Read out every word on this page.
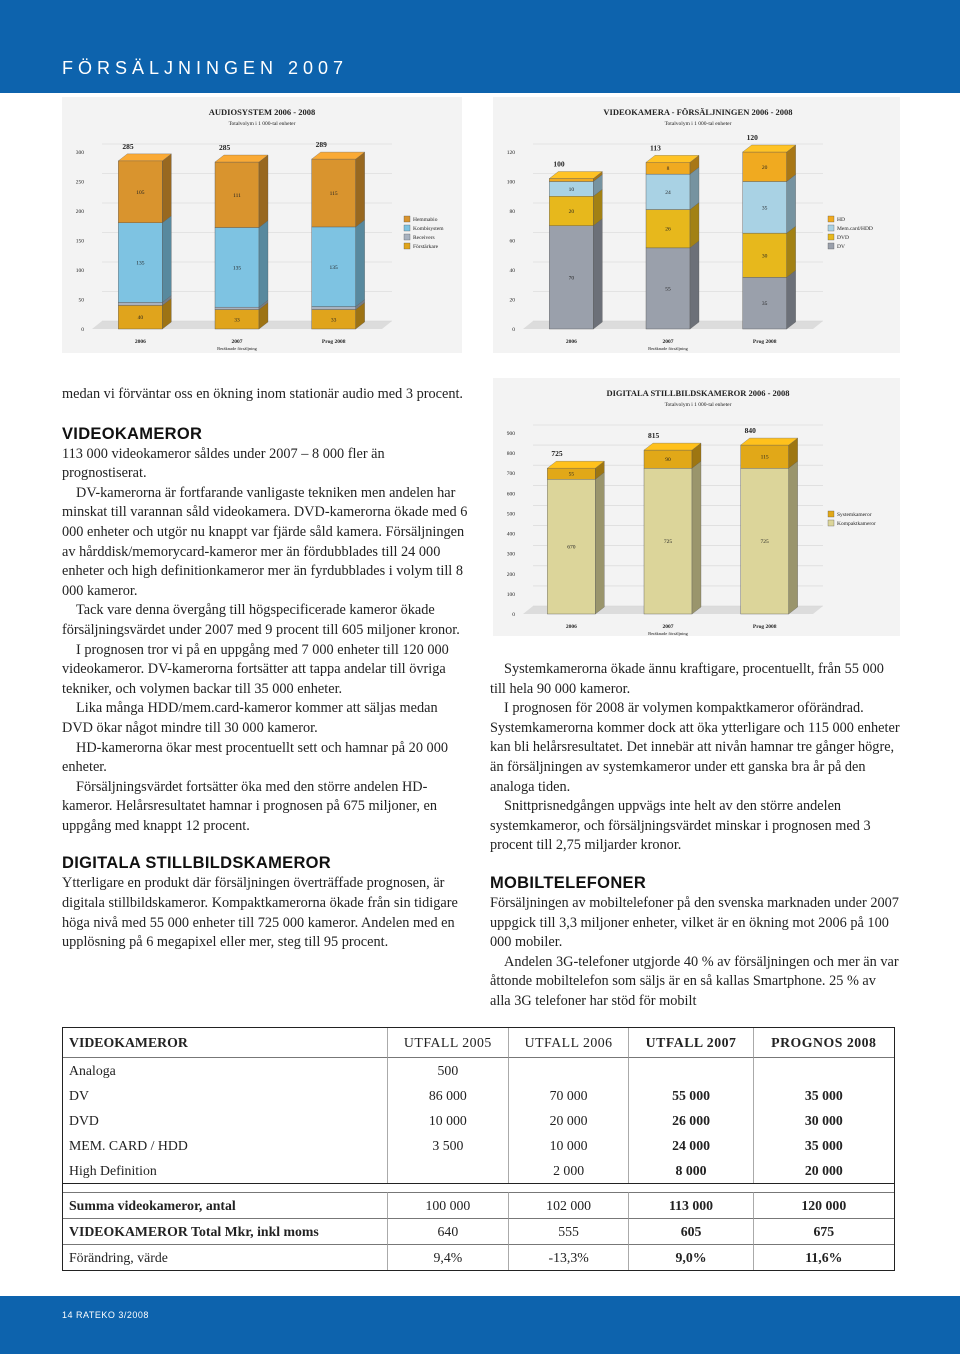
FÖRSÄLJNINGEN 2007
AUDIOSYSTEM 2006 - 2008
Totalvolym i 1 000-tal enheter
0
50
100
150
200
250
300
40
135
105
285
2006
33
135
111
285
2007
Beräknade försäljning
33
135
115
289
Prog 2008
Hemmabio
Kombisystem
Receivers
Förstärkare
VIDEOKAMERA - FÖRSÄLJNINGEN 2006 - 2008
Totalvolym i 1 000-tal enheter
0
20
40
60
80
100
120
70
20
10
100
2006
55
26
24
8
113
2007
Beräknade försäljning
35
30
35
20
120
Prog 2008
HD
Mem.card/HDD
DVD
DV
DIGITALA STILLBILDSKAMEROR 2006 - 2008
Totalvolym i 1 000-tal enheter
0
100
200
300
400
500
600
700
800
900
670
55
725
2006
725
90
815
2007
Beräknade försäljning
725
115
840
Prog 2008
Systemkameror
Kompaktkameror

medan vi förväntar oss en ökning inom stationär audio med 3 procent.

VIDEOKAMEROR

113 000 videokameror såldes under 2007 – 8 000 fler än prognostiserat.

DV-kamerorna är fortfarande vanligaste tekniken men andelen har minskat till varannan såld videokamera. DVD-kamerorna ökade med 6 000 enheter och utgör nu knappt var fjärde såld kamera. Försäljningen av hårddisk/memorycard-kameror mer än fördubblades till 24 000 enheter och high definitionkameror mer än fyrdubblades i volym till 8 000 kameror.

Tack vare denna övergång till högspecificerade kameror ökade försäljningsvärdet under 2007 med 9 procent till 605 miljoner kronor.

I prognosen tror vi på en uppgång med 7 000 enheter till 120 000 videokameror. DV-kamerorna fortsätter att tappa andelar till övriga tekniker, och volymen backar till 35 000 enheter.

Lika många HDD/mem.card-kameror kommer att säljas medan DVD ökar något mindre till 30 000 kameror.

HD-kamerorna ökar mest procentuellt sett och hamnar på 20 000 enheter.

Försäljningsvärdet fortsätter öka med den större andelen HD-kameror. Helårsresultatet hamnar i prognosen på 675 miljoner, en uppgång med knappt 12 procent.

DIGITALA STILLBILDSKAMEROR

Ytterligare en produkt där försäljningen överträffade prognosen, är digitala stillbildskameror. Kompaktkamerorna ökade från sin tidigare höga nivå med 55 000 enheter till 725 000 kameror. Andelen med en upplösning på 6 megapixel eller mer, steg till 95 procent.

Systemkamerorna ökade ännu kraftigare, procentuellt, från 55 000 till hela 90 000 kameror.

I prognosen för 2008 är volymen kompaktkameror oförändrad. Systemkamerorna kommer dock att öka ytterligare och 115 000 enheter kan bli helårsresultatet. Det innebär att nivån hamnar tre gånger högre, än försäljningen av systemkameror under ett ganska bra år på den analoga tiden.

Snittprisnedgången uppvägs inte helt av den större andelen systemkameror, och försäljningsvärdet minskar i prognosen med 3 procent till 2,75 miljarder kronor.

MOBILTELEFONER

Försäljningen av mobiltelefoner på den svenska marknaden under 2007 uppgick till 3,3 miljoner enheter, vilket är en ökning mot 2006 på 100 000 mobiler.

Andelen 3G-telefoner utgjorde 40 % av försäljningen och mer än var åttonde mobiltelefon som säljs är en så kallas Smartphone. 25 % av alla 3G telefoner har stöd för mobilt

VIDEOKAMEROR	UTFALL 2005	UTFALL 2006	UTFALL 2007	PROGNOS 2008
Analoga	500			
DV	86 000	70 000	55 000	35 000
DVD	10 000	20 000	26 000	30 000
MEM. CARD / HDD	3 500	10 000	24 000	35 000
High Definition		2 000	8 000	20 000

Summa videokameror, antal	100 000	102 000	113 000	120 000
VIDEOKAMEROR Total Mkr, inkl moms	640	555	605	675
Förändring, värde	9,4%	-13,3%	9,0%	11,6%
14 RATEKO 3/2008
